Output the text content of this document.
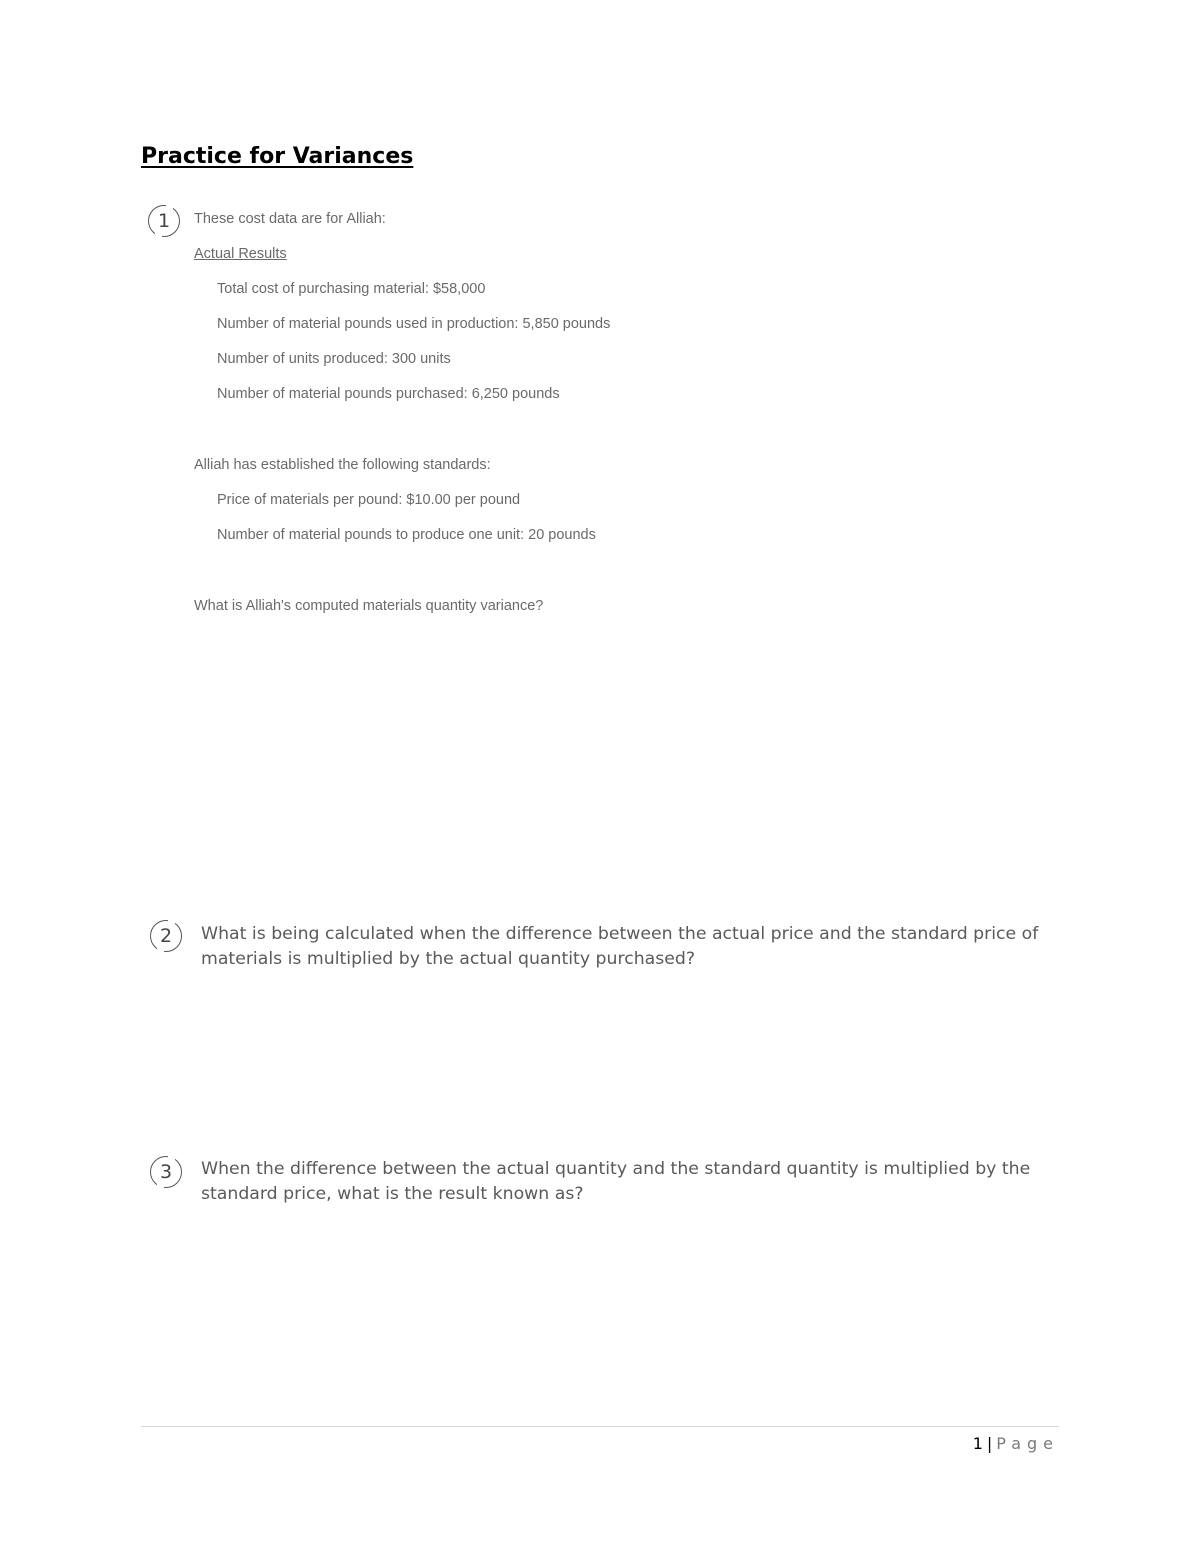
Practice for Variances
1	These cost data are for Alliah:
Actual Results
Total cost of purchasing material: $58,000
Number of material pounds used in production: 5,850 pounds
Number of units produced: 300 units
Number of material pounds purchased: 6,250 pounds
Alliah has established the following standards:
Price of materials per pound: $10.00 per pound
Number of material pounds to produce one unit: 20 pounds
What is Alliah's computed materials quantity variance?
2	What is being calculated when the difference between the actual price and the standard price of materials is multiplied by the actual quantity purchased?
3	When the difference between the actual quantity and the standard quantity is multiplied by the standard price, what is the result known as?
1 | Page
